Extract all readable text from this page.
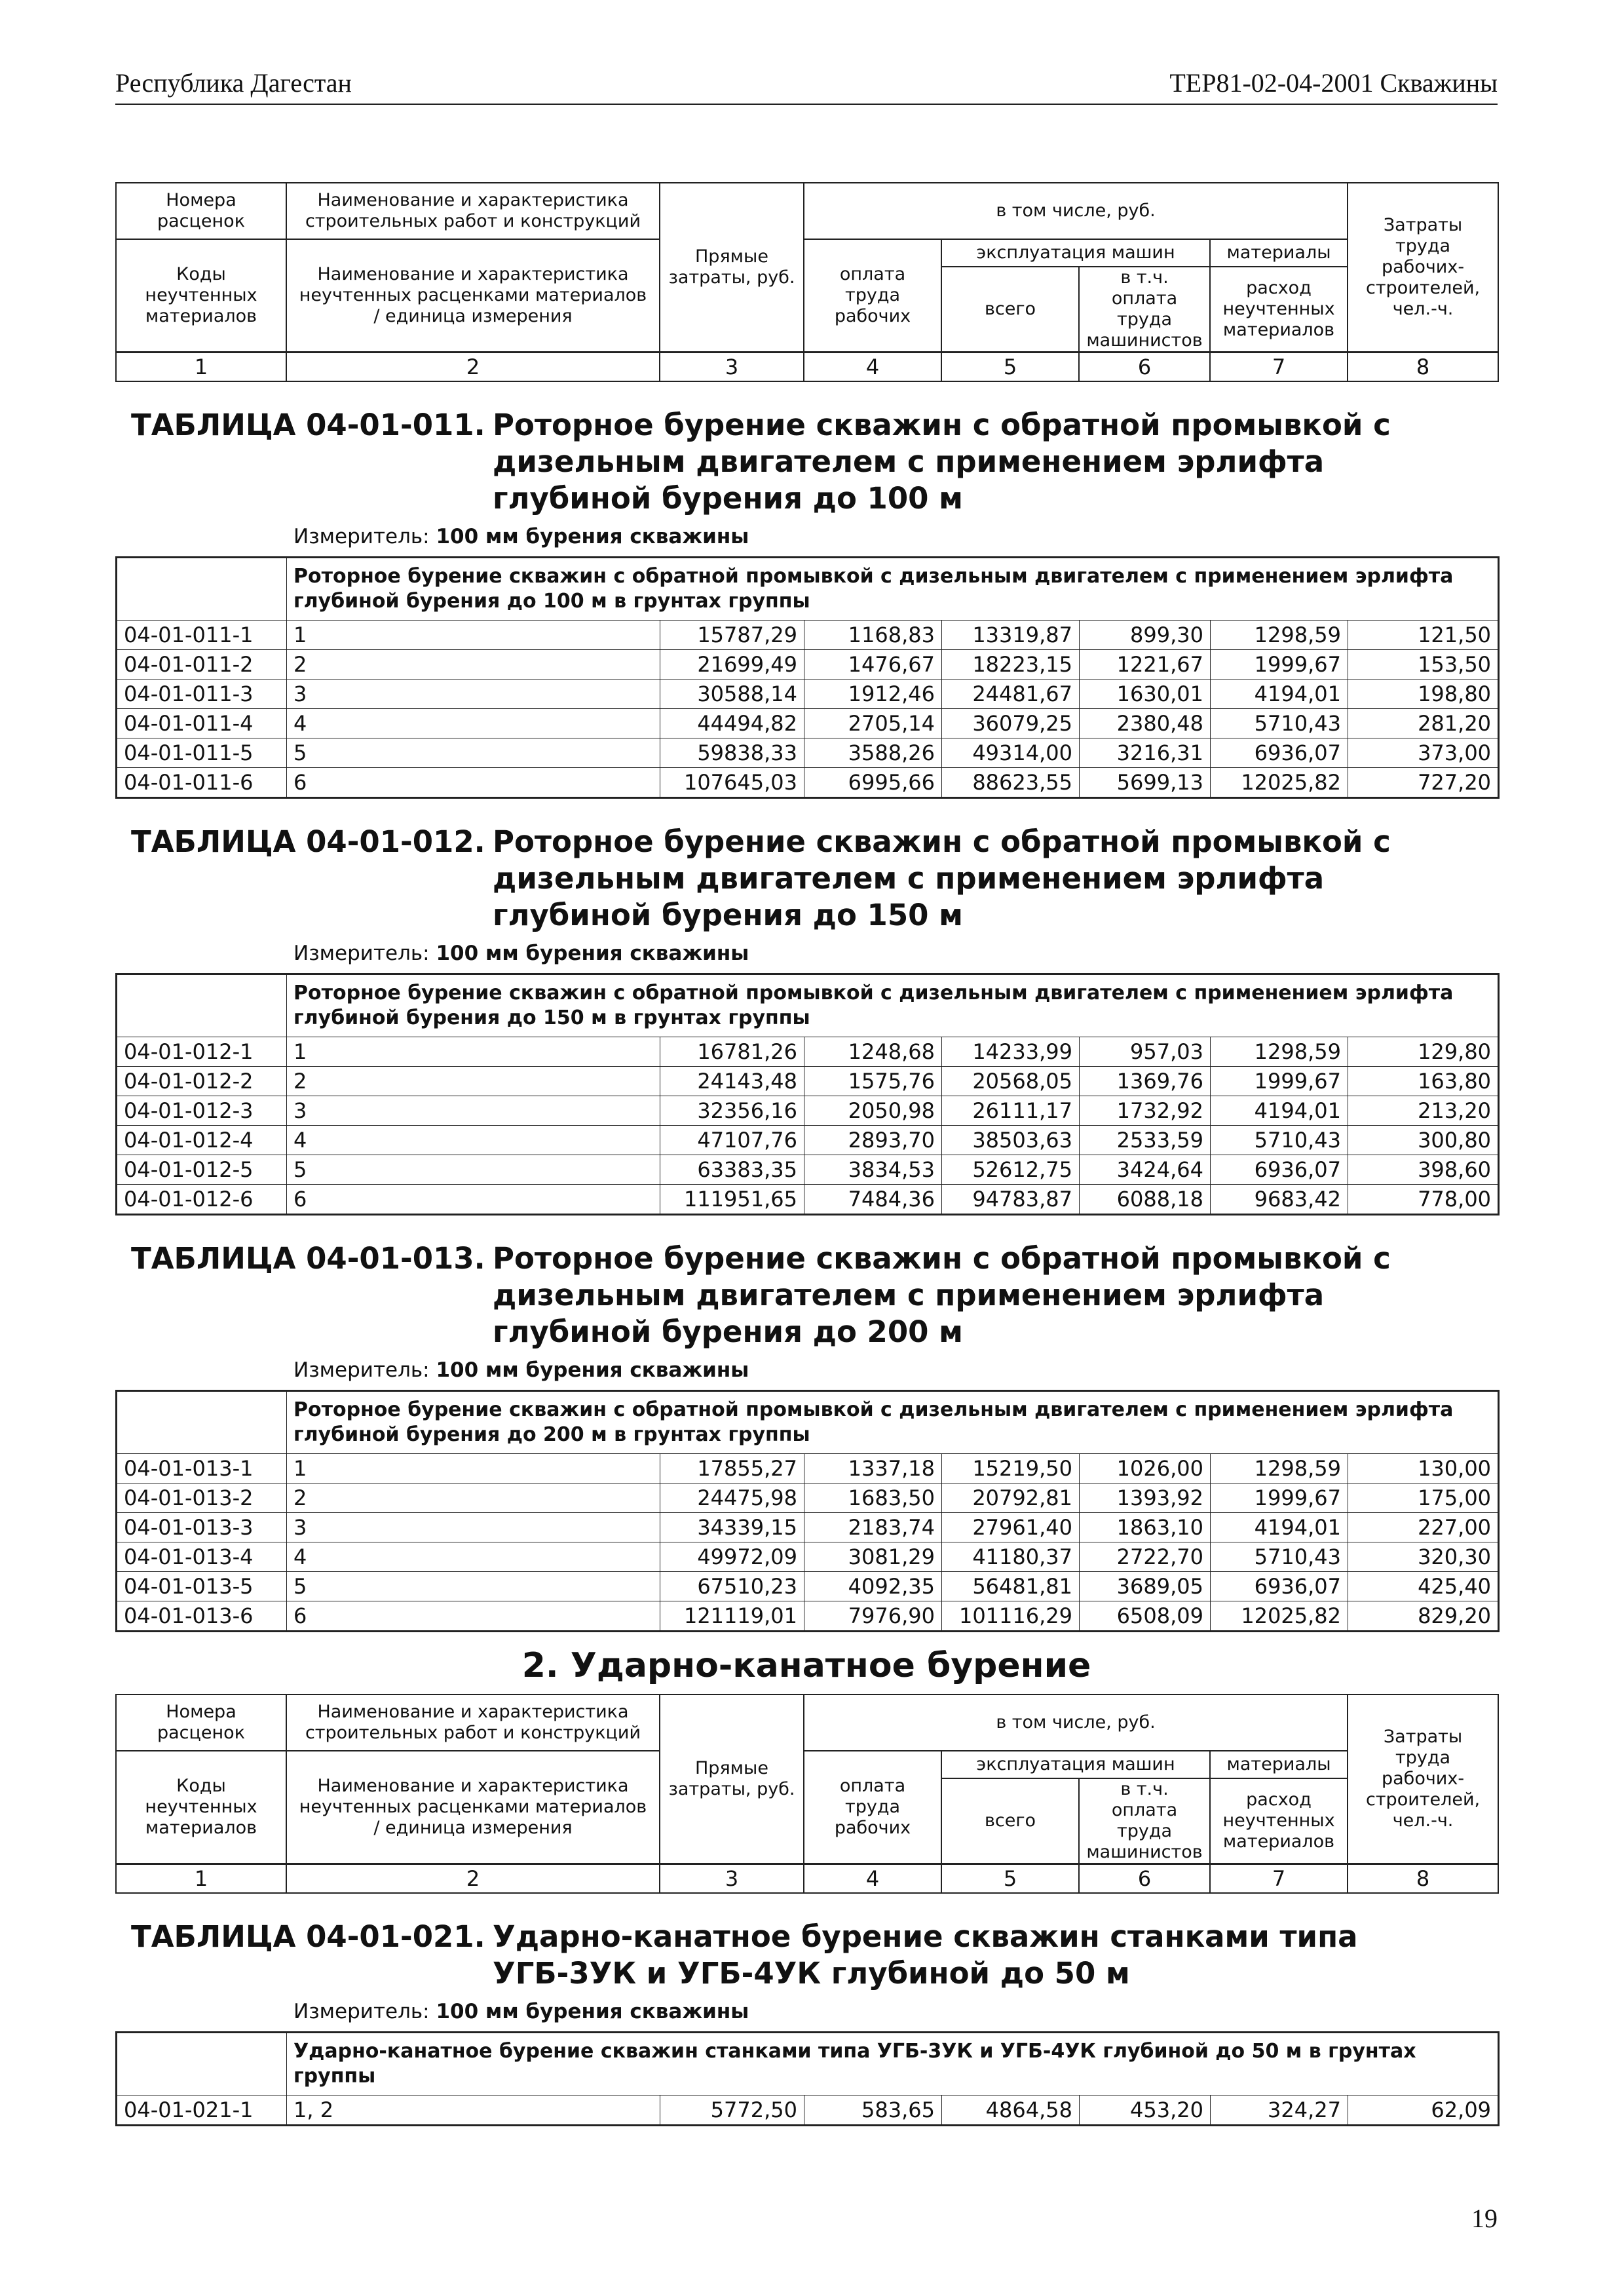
Республика Дагестан	ТЕР81-02-04-2001 Скважины
Номера расценок	Наименование и характеристика строительных работ и конструкций	Прямые затраты, руб.	в том числе, руб.				Затраты труда рабочих-строителей, чел.-ч.
Коды неучтенных материалов	Наименование и характеристика неучтенных расценками материалов / единица измерения		оплата труда рабочих	эксплуатация машин		материалы	
				всего	в т.ч. оплата труда машинистов	расход неучтенных материалов	
1	2	3	4	5	6	7	8
ТАБЛИЦА 04-01-011. Роторное бурение скважин с обратной промывкой с дизельным двигателем с применением эрлифта глубиной бурения до 100 м
Измеритель: 100 мм бурения скважины
	Роторное бурение скважин с обратной промывкой с дизельным двигателем с применением эрлифта глубиной бурения до 100 м в грунтах группы						
04-01-011-1	1	15787,29	1168,83	13319,87	899,30	1298,59	121,50
04-01-011-2	2	21699,49	1476,67	18223,15	1221,67	1999,67	153,50
04-01-011-3	3	30588,14	1912,46	24481,67	1630,01	4194,01	198,80
04-01-011-4	4	44494,82	2705,14	36079,25	2380,48	5710,43	281,20
04-01-011-5	5	59838,33	3588,26	49314,00	3216,31	6936,07	373,00
04-01-011-6	6	107645,03	6995,66	88623,55	5699,13	12025,82	727,20
ТАБЛИЦА 04-01-012. Роторное бурение скважин с обратной промывкой с дизельным двигателем с применением эрлифта глубиной бурения до 150 м
Измеритель: 100 мм бурения скважины
	Роторное бурение скважин с обратной промывкой с дизельным двигателем с применением эрлифта глубиной бурения до 150 м в грунтах группы						
04-01-012-1	1	16781,26	1248,68	14233,99	957,03	1298,59	129,80
04-01-012-2	2	24143,48	1575,76	20568,05	1369,76	1999,67	163,80
04-01-012-3	3	32356,16	2050,98	26111,17	1732,92	4194,01	213,20
04-01-012-4	4	47107,76	2893,70	38503,63	2533,59	5710,43	300,80
04-01-012-5	5	63383,35	3834,53	52612,75	3424,64	6936,07	398,60
04-01-012-6	6	111951,65	7484,36	94783,87	6088,18	9683,42	778,00
ТАБЛИЦА 04-01-013. Роторное бурение скважин с обратной промывкой с дизельным двигателем с применением эрлифта глубиной бурения до 200 м
Измеритель: 100 мм бурения скважины
	Роторное бурение скважин с обратной промывкой с дизельным двигателем с применением эрлифта глубиной бурения до 200 м в грунтах группы						
04-01-013-1	1	17855,27	1337,18	15219,50	1026,00	1298,59	130,00
04-01-013-2	2	24475,98	1683,50	20792,81	1393,92	1999,67	175,00
04-01-013-3	3	34339,15	2183,74	27961,40	1863,10	4194,01	227,00
04-01-013-4	4	49972,09	3081,29	41180,37	2722,70	5710,43	320,30
04-01-013-5	5	67510,23	4092,35	56481,81	3689,05	6936,07	425,40
04-01-013-6	6	121119,01	7976,90	101116,29	6508,09	12025,82	829,20
2. Ударно-канатное бурение
Номера расценок	Наименование и характеристика строительных работ и конструкций	Прямые затраты, руб.	в том числе, руб.				Затраты труда рабочих-строителей, чел.-ч.
Коды неучтенных материалов	Наименование и характеристика неучтенных расценками материалов / единица измерения		оплата труда рабочих	эксплуатация машин		материалы	
				всего	в т.ч. оплата труда машинистов	расход неучтенных материалов	
1	2	3	4	5	6	7	8
ТАБЛИЦА 04-01-021. Ударно-канатное бурение скважин станками типа УГБ-3УК и УГБ-4УК глубиной до 50 м
Измеритель: 100 мм бурения скважины
	Ударно-канатное бурение скважин станками типа УГБ-3УК и УГБ-4УК глубиной до 50 м в грунтах группы						
04-01-021-1	1, 2	5772,50	583,65	4864,58	453,20	324,27	62,09
19
